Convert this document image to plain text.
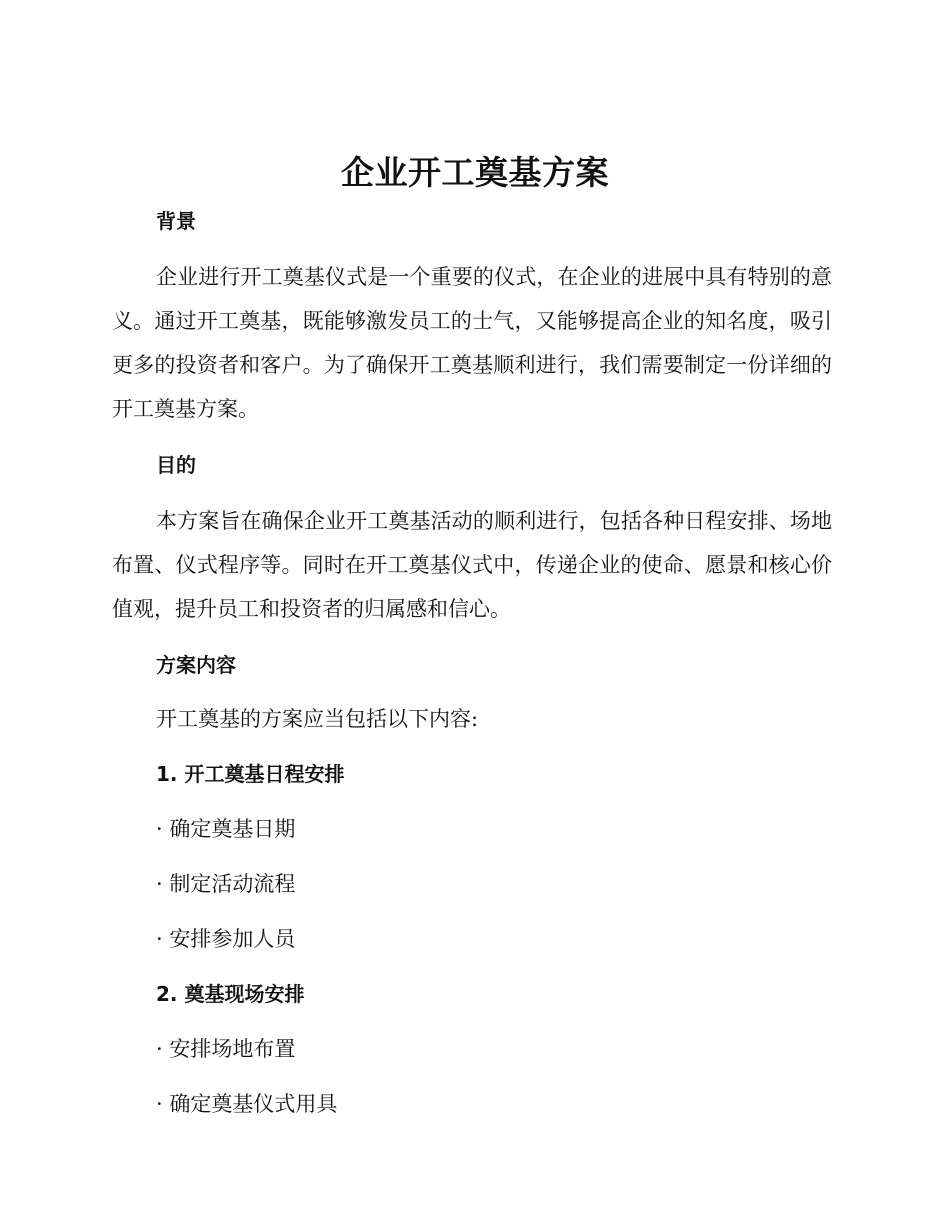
企业开工奠基方案
背景

企业进行开工奠基仪式是一个重要的仪式，在企业的进展中具有特别的意义。通过开工奠基，既能够激发员工的士气，又能够提高企业的知名度，吸引更多的投资者和客户。为了确保开工奠基顺利进行，我们需要制定一份详细的开工奠基方案。

目的

本方案旨在确保企业开工奠基活动的顺利进行，包括各种日程安排、场地布置、仪式程序等。同时在开工奠基仪式中，传递企业的使命、愿景和核心价值观，提升员工和投资者的归属感和信心。

方案内容

开工奠基的方案应当包括以下内容:

1. 开工奠基日程安排

· 确定奠基日期

· 制定活动流程

· 安排参加人员

2. 奠基现场安排

· 安排场地布置

· 确定奠基仪式用具
